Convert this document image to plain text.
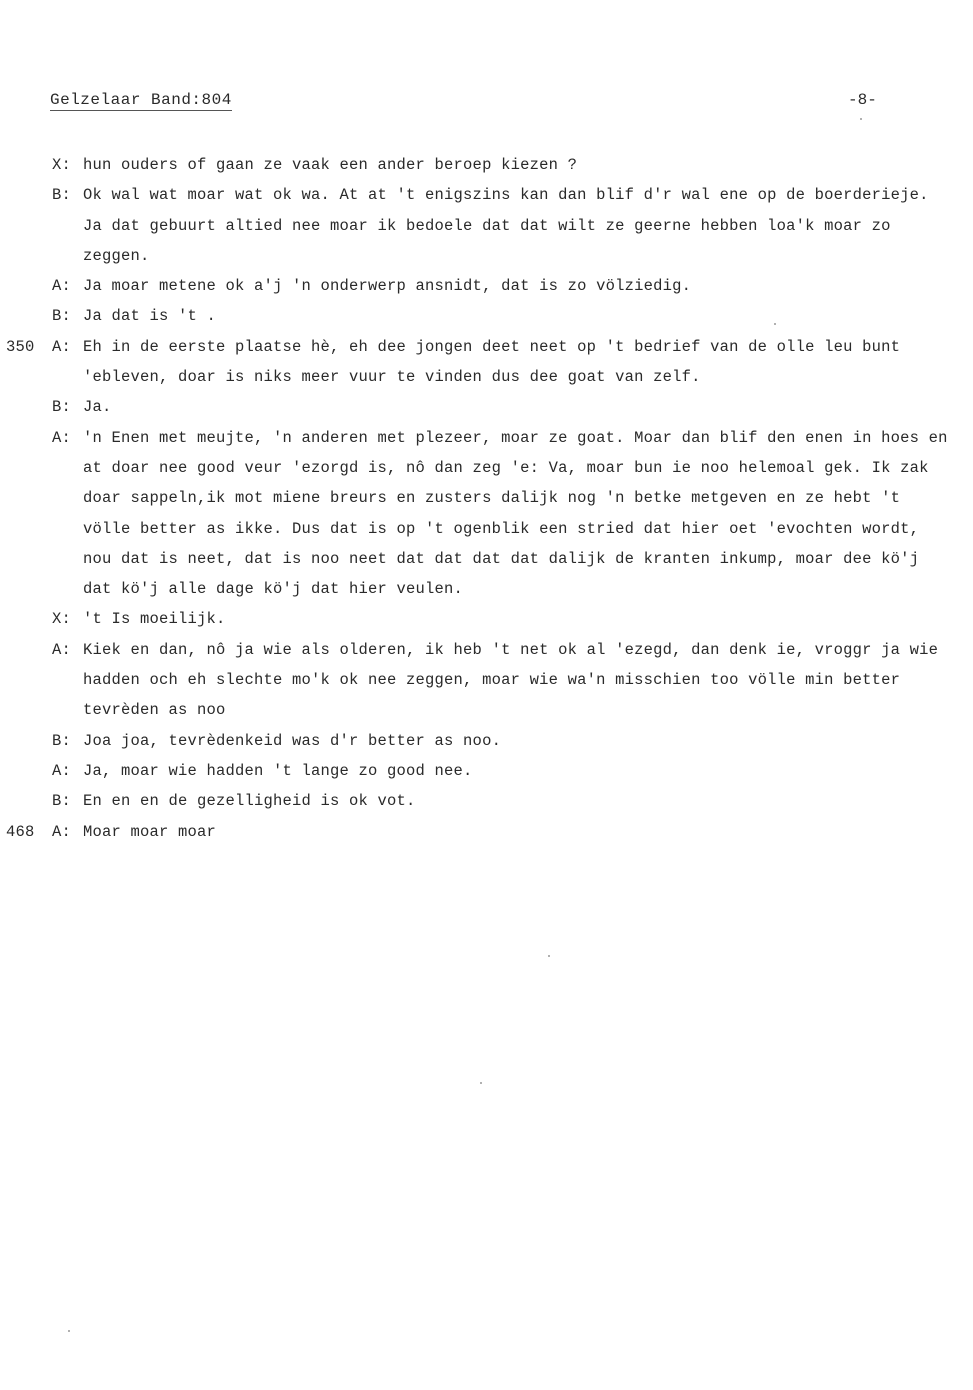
Gelzelaar Band:804	-8-
X: hun ouders of gaan ze vaak een ander beroep kiezen ?
B: Ok wal wat moar wat ok wa. At at 't enigszins kan dan blif d'r wal ene op de boerderieje. Ja dat gebuurt altied nee moar ik bedoele dat dat wilt ze geerne hebben loa'k moar zo zeggen.
A: Ja moar metene ok a'j 'n onderwerp ansnidt, dat is zo völziedig.
B: Ja dat is 't .
350	A: Eh in de eerste plaatse hè, eh dee jongen deet neet op 't bedrief van de olle leu bunt 'ebleven, doar is niks meer vuur te vinden dus dee goat van zelf.
B: Ja.
A: 'n Enen met meujte, 'n anderen met plezeer, moar ze goat. Moar dan blif den enen in hoes en at doar nee good veur 'ezorgd is, nô dan zeg 'e: Va, moar bun ie noo helemoal gek. Ik zak doar sappeln,ik mot miene breurs en zusters dalijk nog 'n betke metgeven en ze hebt 't völle better as ikke. Dus dat is op 't ogenblik een stried dat hier oet 'evochten wordt, nou dat is neet, dat is noo neet dat dat dat dat dalijk de kranten inkump, moar dee kö'j dat kö'j alle dage kö'j dat hier veulen.
X: 't Is moeilijk.
A: Kiek en dan, nô ja wie als olderen, ik heb 't net ok al 'ezegd, dan denk ie, vroggr ja wie hadden och eh slechte mo'k ok nee zeggen, moar wie wa'n misschien too völle min better tevrèden as noo
B: Joa joa, tevrèdenkeid was d'r better as noo.
A: Ja, moar wie hadden 't lange zo good nee.
B: En en en de gezelligheid is ok vot.
468	A: Moar moar moar
